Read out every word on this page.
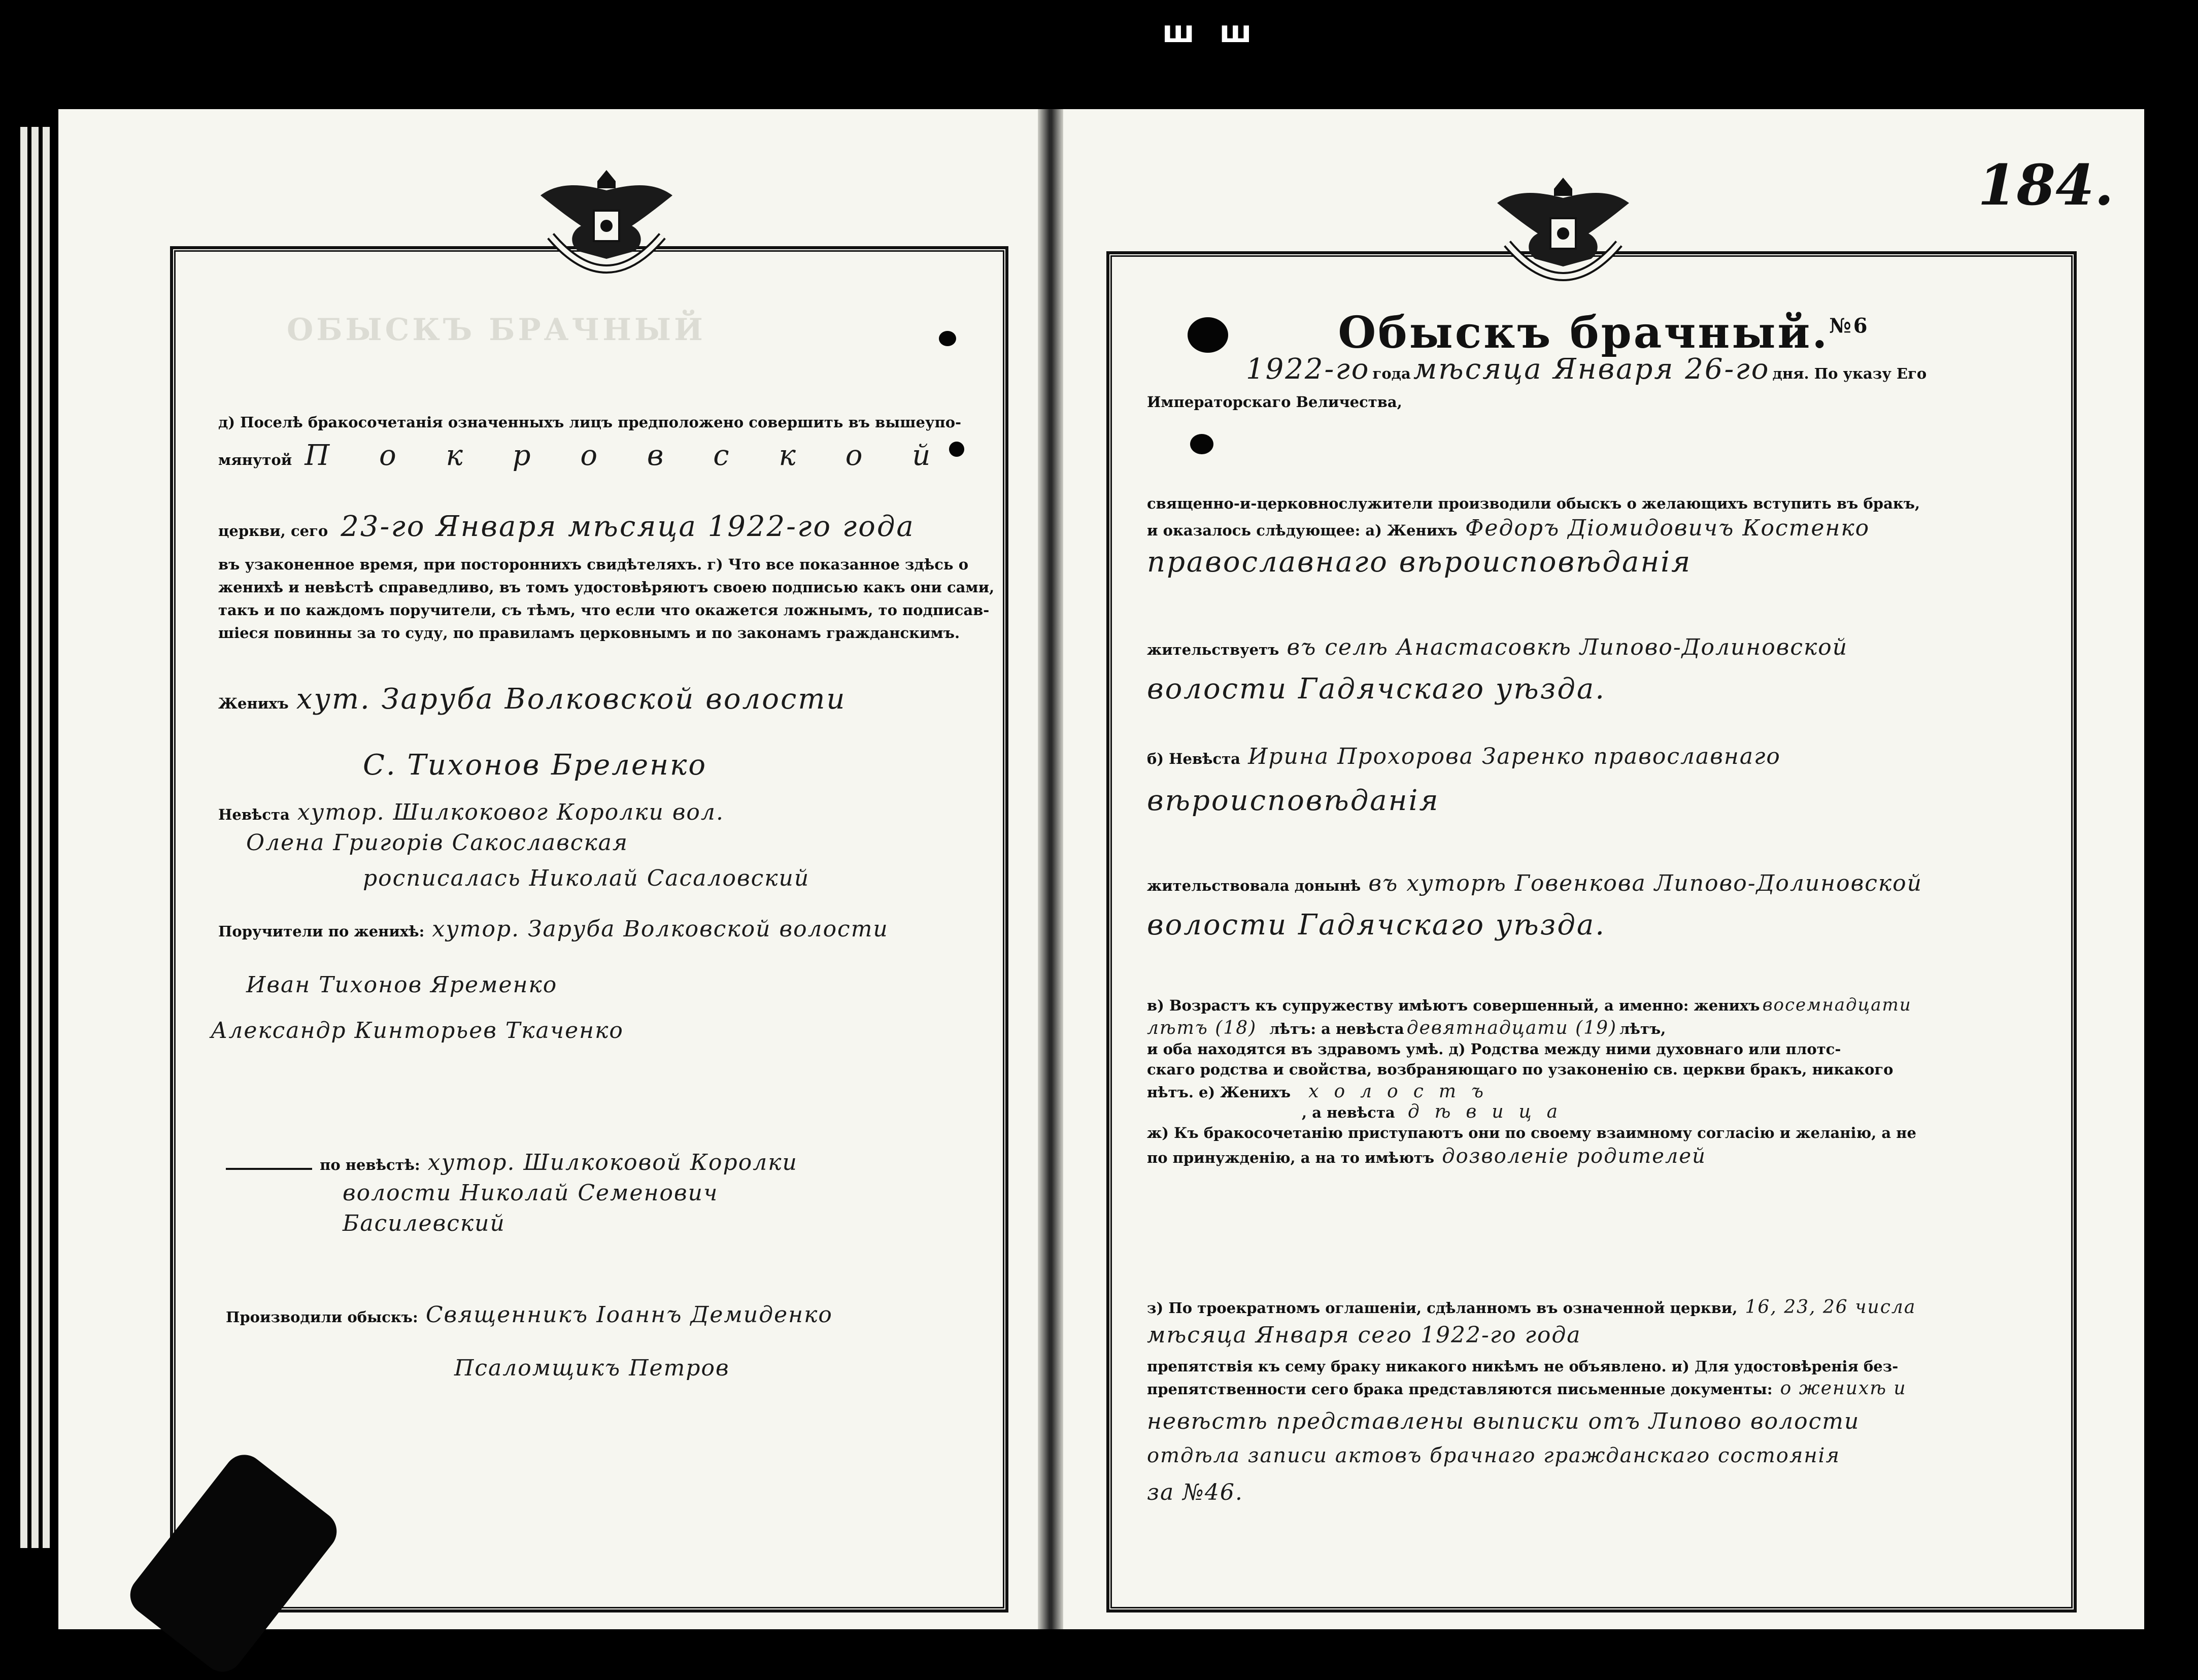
ш ш
ОБЫСКЪ БРАЧНЫЙ
д) Поселѣ бракосочетанія означенныхъ лицъ предположено совершить въ вышеупо-
мянутой П о к р о в с к о й
церкви, сего 23-го Января мѣсяца 1922-го года
въ узаконенное время, при постороннихъ свидѣтеляхъ. г) Что все показанное здѣсь о
женихѣ и невѣстѣ справедливо, въ томъ удостовѣряютъ своею подписью какъ они сами,
такъ и по каждомъ поручители, съ тѣмъ, что если что окажется ложнымъ, то подписав-
шіеся повинны за то суду, по правиламъ церковнымъ и по законамъ гражданскимъ.
Женихъ хут. Заруба Волковской волости
С. Тихонов Бреленко
Невѣста хутор. Шилкоковог Королки вол.
Олена Григорів Сакославская
росписалась Николай Сасаловский
Поручители по женихѣ: хутор. Заруба Волковской волости
Иван Тихонов Яременко
Александр Кинторьев Ткаченко
по невѣстѣ: хутор. Шилкоковой Королки
волости Николай Семенович
Басилевский
Производили обыскъ: Священникъ Іоаннъ Демиденко
Псаломщикъ Петров
184.
Обыскъ брачный.$^{№6}$
1922-го года мѣсяца Января 26-го дня. По указу Его
Императорскаго Величества,
священно-и-церковнослужители производили обыскъ о желающихъ вступить въ бракъ,
и оказалось слѣдующее: а) Женихъ Федоръ Діомидовичъ Костенко
православнаго вѣроисповѣданія
жительствуетъ въ селѣ Анастасовкѣ Липово-Долиновской
волости Гадячскаго уѣзда.
б) Невѣста Ирина Прохорова Заренко православнаго
вѣроисповѣданія
жительствовала донынѣ въ хуторѣ Говенкова Липово-Долиновской
волости Гадячскаго уѣзда.
в) Возрастъ къ супружеству имѣютъ совершенный, а именно: женихъ восемнадцати
лѣтъ (18) лѣтъ: а невѣста девятнадцати (19) лѣтъ,
и оба находятся въ здравомъ умѣ. д) Родства между ними духовнаго или плотс-
скаго родства и свойства, возбраняющаго по узаконенію св. церкви бракъ, никакого
нѣтъ. е) Женихъ холостъ
, а невѣста дѣвица
ж) Къ бракосочетанію приступаютъ они по своему взаимному согласію и желанію, а не
по принужденію, а на то имѣютъ дозволеніе родителей
з) По троекратномъ оглашеніи, сдѣланномъ въ означенной церкви, 16, 23, 26 числа
мѣсяца Января сего 1922-го года
препятствія къ сему браку никакого никѣмъ не объявлено. и) Для удостовѣренія без-
препятственности сего брака представляются письменные документы: о женихѣ и
невѣстѣ представлены выписки отъ Липово волости
отдѣла записи актовъ брачнаго гражданскаго состоянія
за №46.
